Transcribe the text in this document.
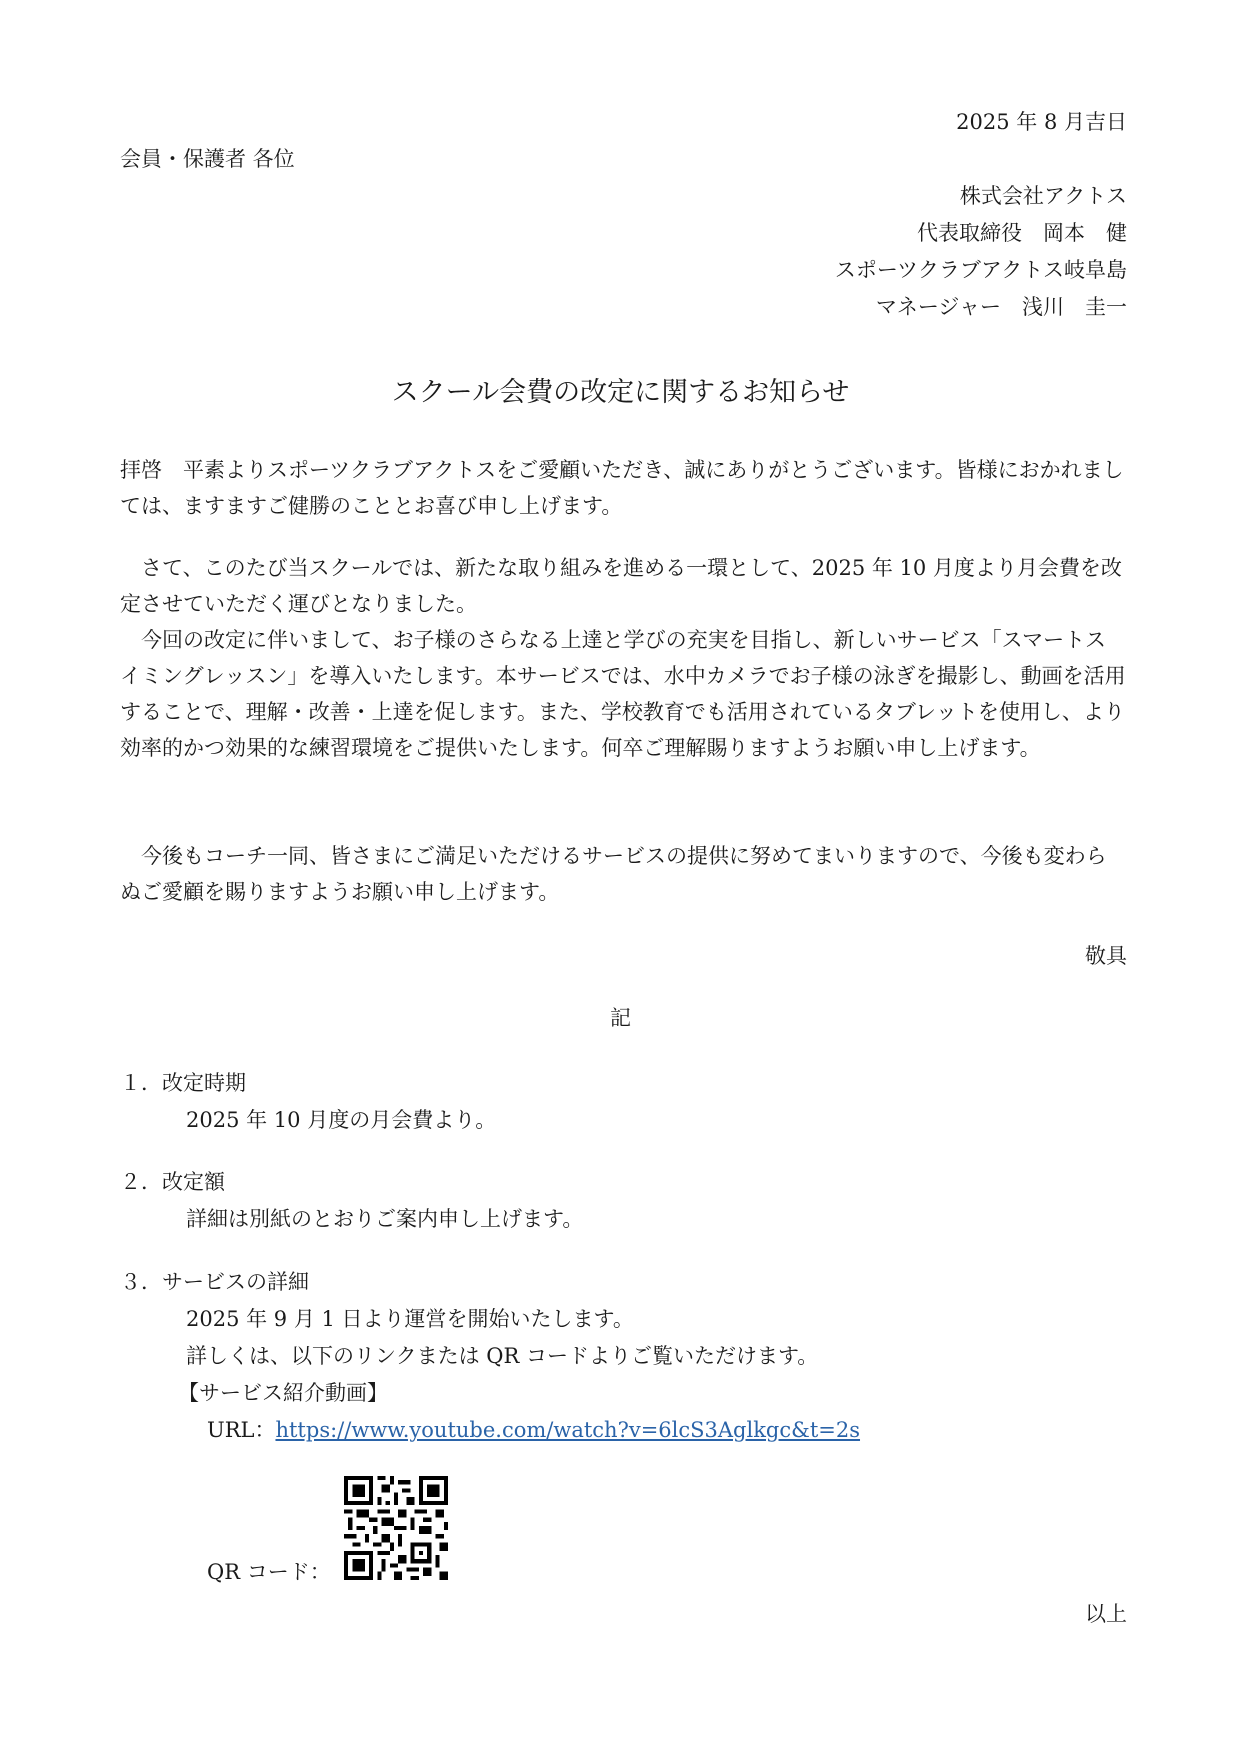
2025 年 8 月吉日
会員・保護者 各位
株式会社アクトス
代表取締役　岡本　健
スポーツクラブアクトス岐阜島
マネージャー　浅川　圭一
スクール会費の改定に関するお知らせ

拝啓　平素よりスポーツクラブアクトスをご愛顧いただき、誠にありがとうございます。皆様におかれましては、ますますご健勝のこととお喜び申し上げます。

　さて、このたび当スクールでは、新たな取り組みを進める一環として、2025 年 10 月度より月会費を改定させていただく運びとなりました。

　今回の改定に伴いまして、お子様のさらなる上達と学びの充実を目指し、新しいサービス「スマートスイミングレッスン」を導入いたします。本サービスでは、水中カメラでお子様の泳ぎを撮影し、動画を活用することで、理解・改善・上達を促します。また、学校教育でも活用されているタブレットを使用し、より効率的かつ効果的な練習環境をご提供いたします。何卒ご理解賜りますようお願い申し上げます。

　今後もコーチ一同、皆さまにご満足いただけるサービスの提供に努めてまいりますので、今後も変わらぬご愛顧を賜りますようお願い申し上げます。

敬具
記
１．改定時期
2025 年 10 月度の月会費より。
２．改定額
詳細は別紙のとおりご案内申し上げます。
３．サービスの詳細
2025 年 9 月 1 日より運営を開始いたします。
詳しくは、以下のリンクまたは QR コードよりご覧いただけます。
【サービス紹介動画】
URL：https://www.youtube.com/watch?v=6lcS3Aglkgc&t=2s
QR コード：
以上
